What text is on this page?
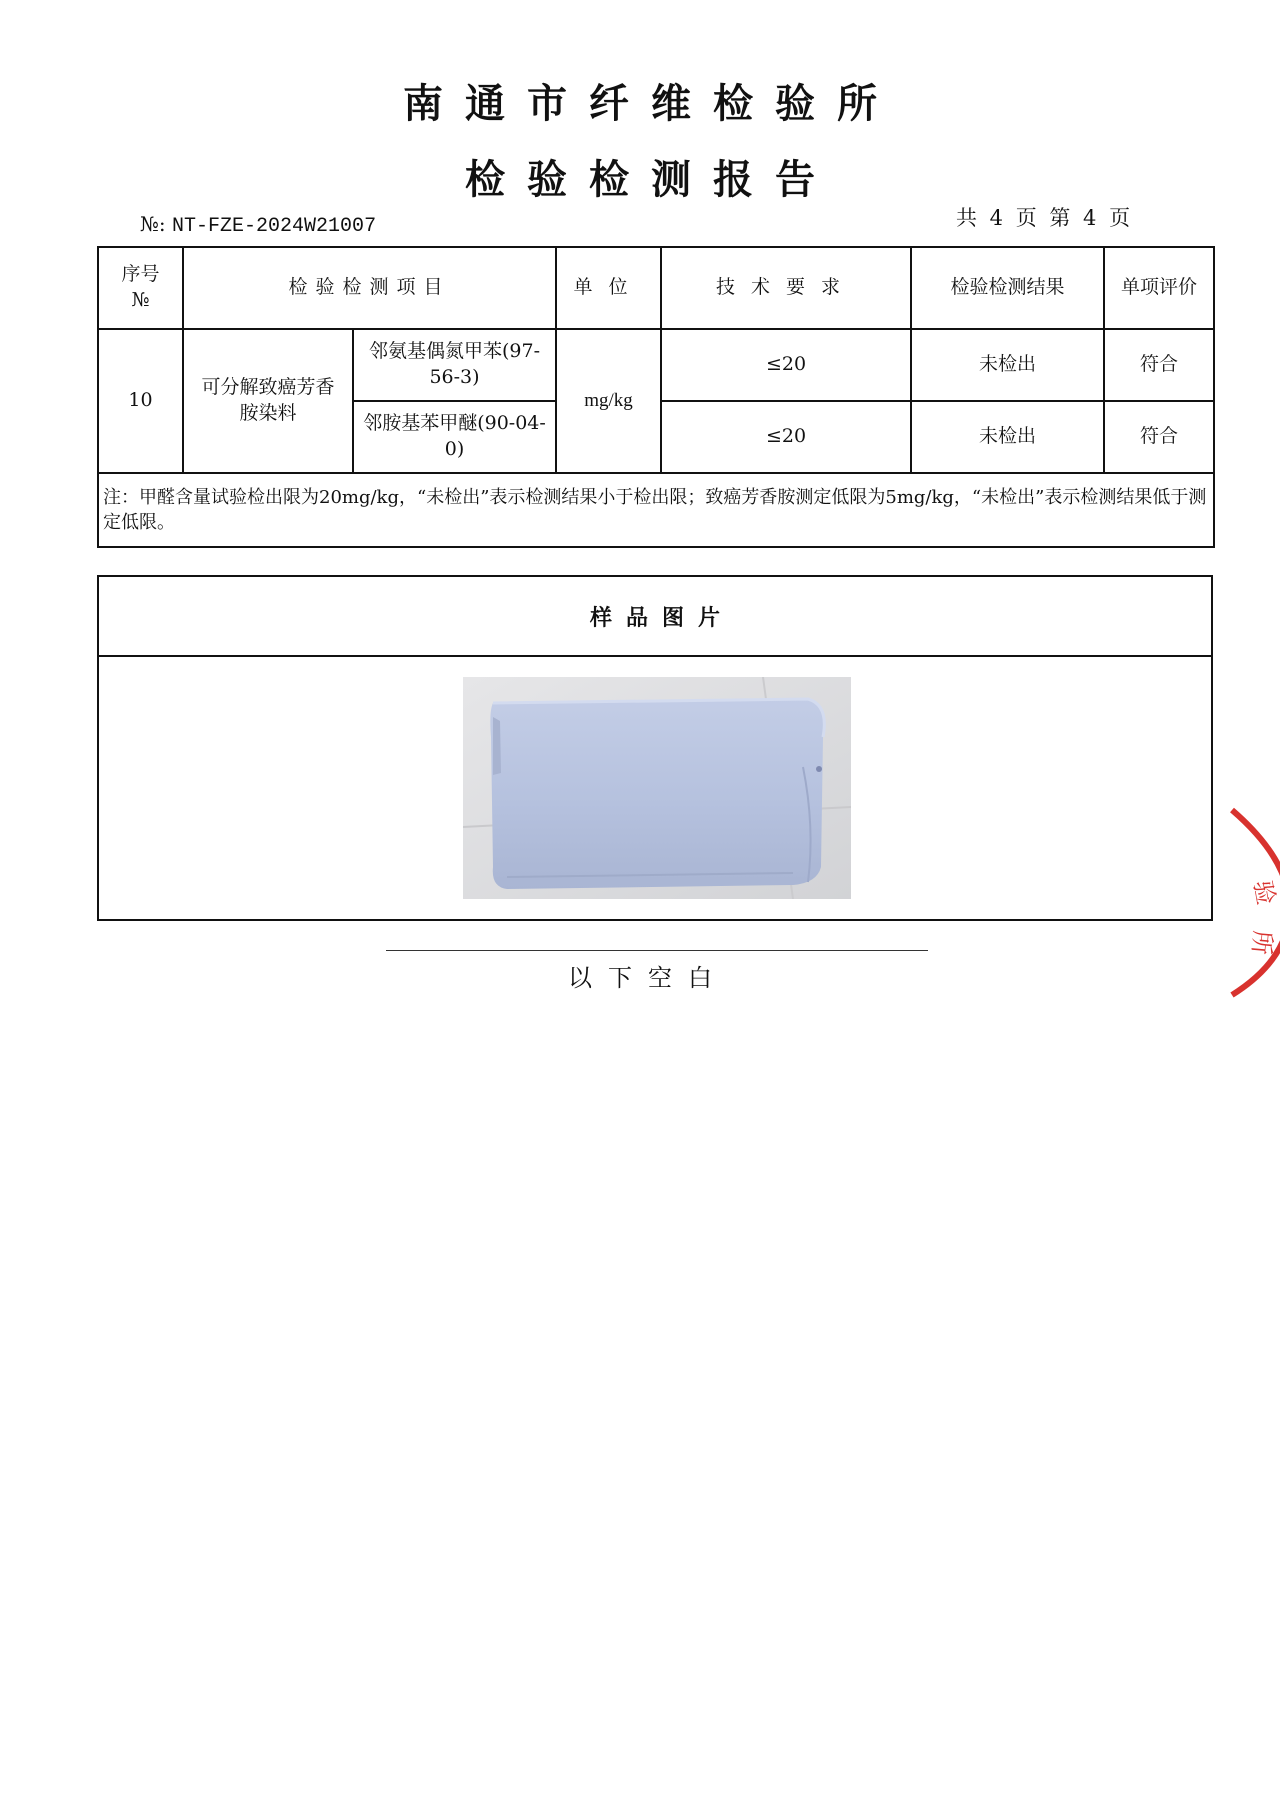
南通市纤维检验所
检验检测报告
№: NT-FZE-2024W21007	共 4 页 第 4 页
序号
№	检验检测项目		单位	技术要求	检验检测结果	单项评价
10	可分解致癌芳香胺染料	邻氨基偶氮甲苯(97-56-3)	mg/kg	≤20	未检出	符合
		邻胺基苯甲醚(90-04-0)		≤20	未检出	符合
注：甲醛含量试验检出限为20mg/kg，“未检出”表示检测结果小于检出限；致癌芳香胺测定低限为5mg/kg，“未检出”表示检测结果低于测定低限。						
样品图片
以下空白
验
所
